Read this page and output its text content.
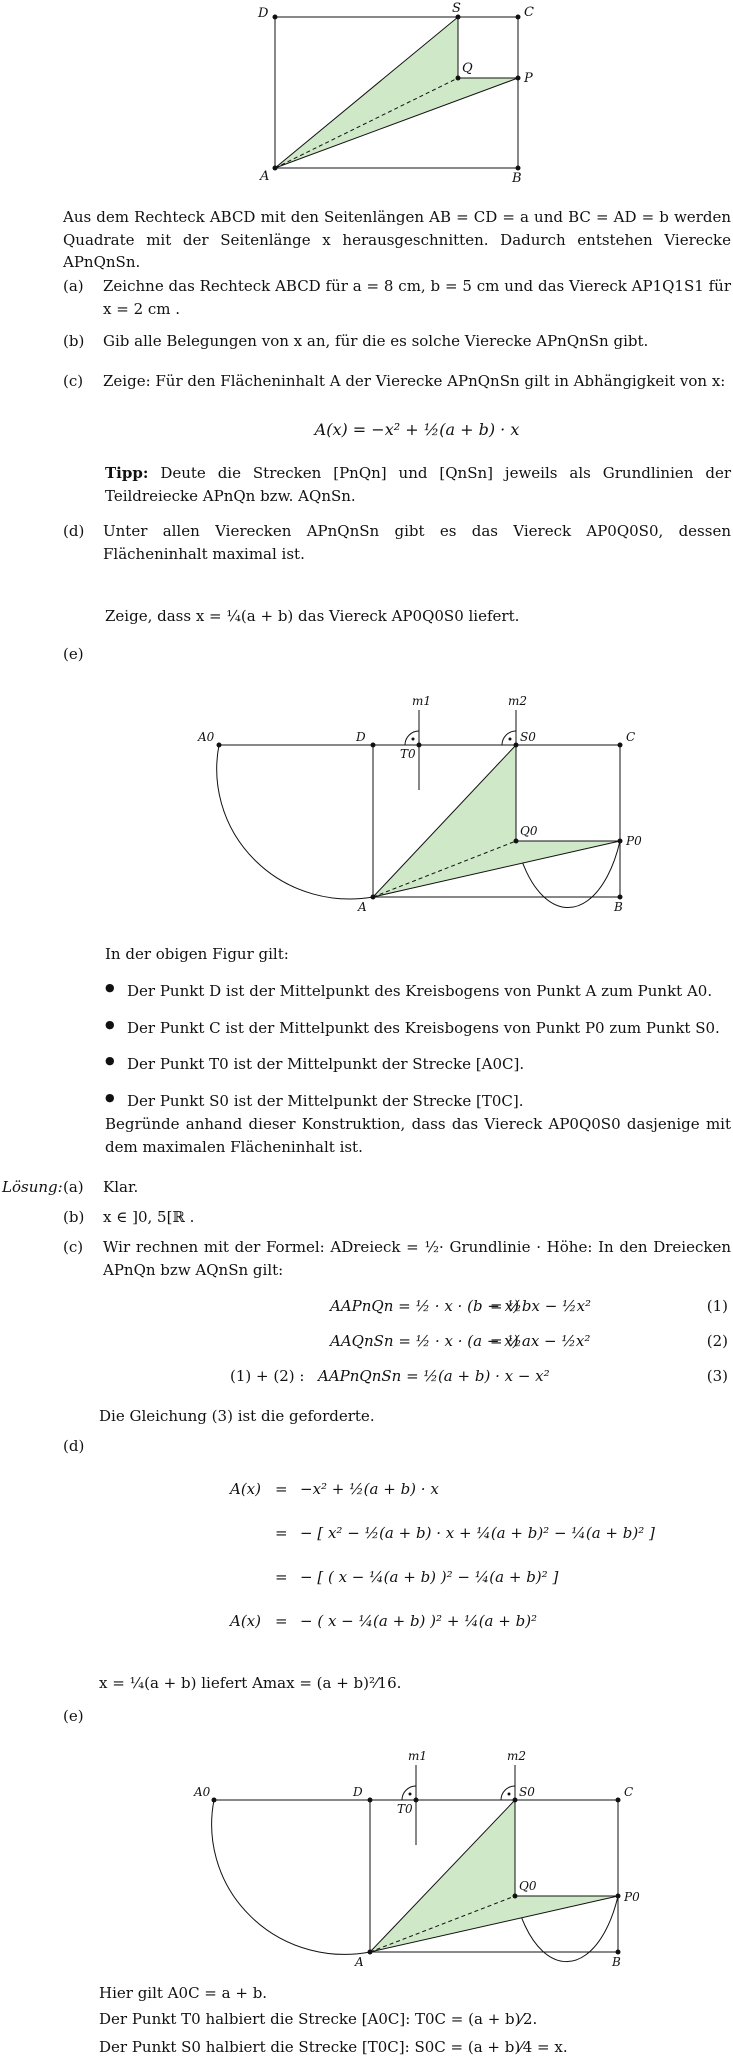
D	S	C
Q
P
A	B

Aus dem Rechteck ABCD mit den Seitenlängen AB = CD = a und BC = AD = b werden Quadrate mit der Seitenlänge x herausgeschnitten. Dadurch entstehen Vierecke APnQnSn.

(a)	Zeichne das Rechteck ABCD für a = 8 cm, b = 5 cm und das Viereck AP1Q1S1 für x = 2 cm .
(b)	Gib alle Belegungen von x an, für die es solche Vierecke APnQnSn gibt.
(c)	Zeige: Für den Flächeninhalt A der Vierecke APnQnSn gilt in Abhängigkeit von x:
A(x) = −x² + ½(a + b) · x

Tipp: Deute die Strecken [PnQn] und [QnSn] jeweils als Grundlinien der Teildreiecke APnQn bzw. AQnSn.

(d)	Unter allen Vierecken APnQnSn gibt es das Viereck AP0Q0S0, dessen Flächeninhalt maximal ist.

Zeige, dass x = ¼(a + b) das Viereck AP0Q0S0 liefert.

(e)
m1	m2
A0	D
T0
S0	C
Q0
P0
A	B

In der obigen Figur gilt:

● Der Punkt D ist der Mittelpunkt des Kreisbogens von Punkt A zum Punkt A0.
● Der Punkt C ist der Mittelpunkt des Kreisbogens von Punkt P0 zum Punkt S0.
● Der Punkt T0 ist der Mittelpunkt der Strecke [A0C].
● Der Punkt S0 ist der Mittelpunkt der Strecke [T0C].

Begründe anhand dieser Konstruktion, dass das Viereck AP0Q0S0 dasjenige mit dem maximalen Flächeninhalt ist.

Lösung: (a)	Klar.
(b)	x ∈ ]0, 5[ℝ .
(c)	Wir rechnen mit der Formel: ADreieck = ½· Grundlinie · Höhe: In den Dreiecken APnQn bzw AQnSn gilt:
AAPnQn = ½ · x · (b − x)
= ½bx − ½x²	(1)
AAQnSn = ½ · x · (a − x)
= ½ax − ½x²	(2)
(1) + (2) : AAPnQnSn = ½(a + b) · x − x²	(3)

Die Gleichung (3) ist die geforderte.

(d)
A(x) = −x² + ½(a + b) · x
= − [ x² − ½(a + b) · x + ¼(a + b)² − ¼(a + b)² ]
= − [ ( x − ¼(a + b) )² − ¼(a + b)² ]
A(x) = − ( x − ¼(a + b) )² + ¼(a + b)²

x = ¼(a + b) liefert Amax = (a + b)²⁄16.

(e)
m1	m2
A0	D
T0
S0	C
Q0
P0
A	B

Hier gilt A0C = a + b.

Der Punkt T0 halbiert die Strecke [A0C]: T0C = (a + b)⁄2.

Der Punkt S0 halbiert die Strecke [T0C]: S0C = (a + b)⁄4 = x.
